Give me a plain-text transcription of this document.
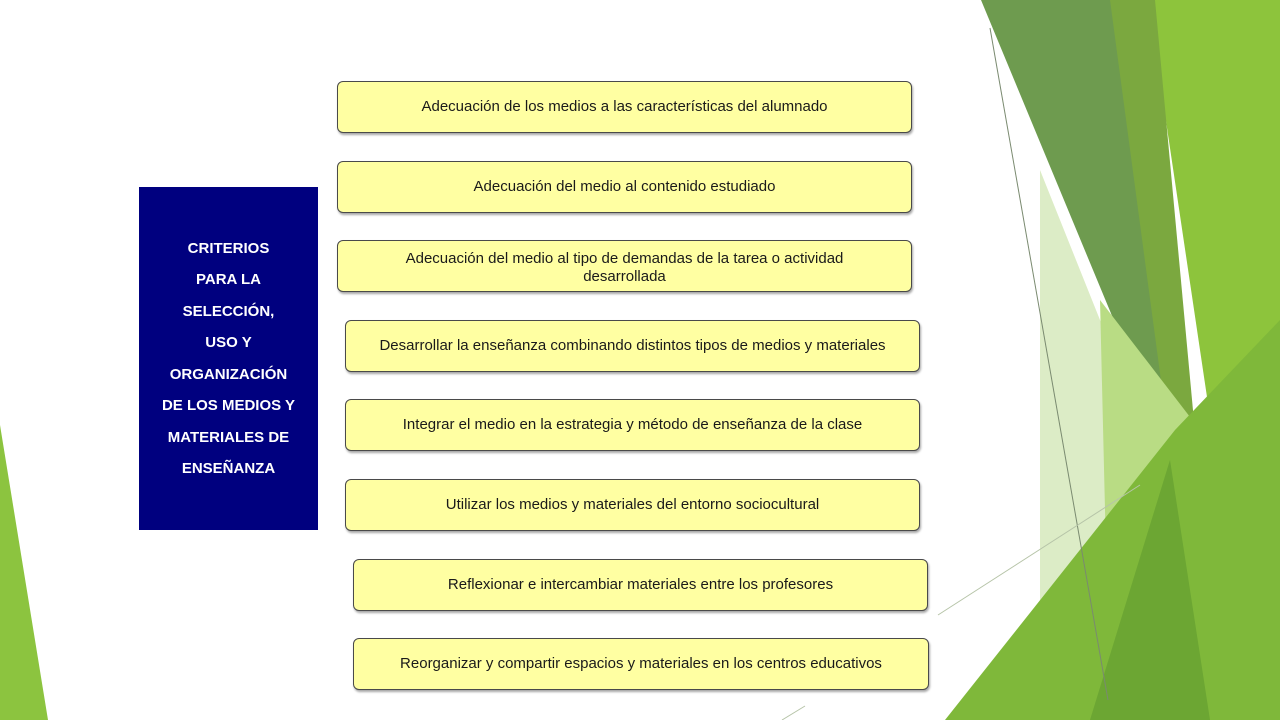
CRITERIOS
PARA LA
SELECCIÓN,
USO Y
ORGANIZACIÓN
DE LOS MEDIOS Y
MATERIALES DE
ENSEÑANZA
Adecuación de los medios a las características del alumnado
Adecuación del medio al contenido estudiado
Adecuación del medio al tipo de demandas de la tarea o actividad desarrollada
Desarrollar la enseñanza combinando distintos tipos de medios y materiales
Integrar el medio en la estrategia y método de enseñanza de la clase
Utilizar los medios y materiales del entorno sociocultural
Reflexionar e intercambiar materiales entre los profesores
Reorganizar y compartir espacios y materiales en los centros educativos
